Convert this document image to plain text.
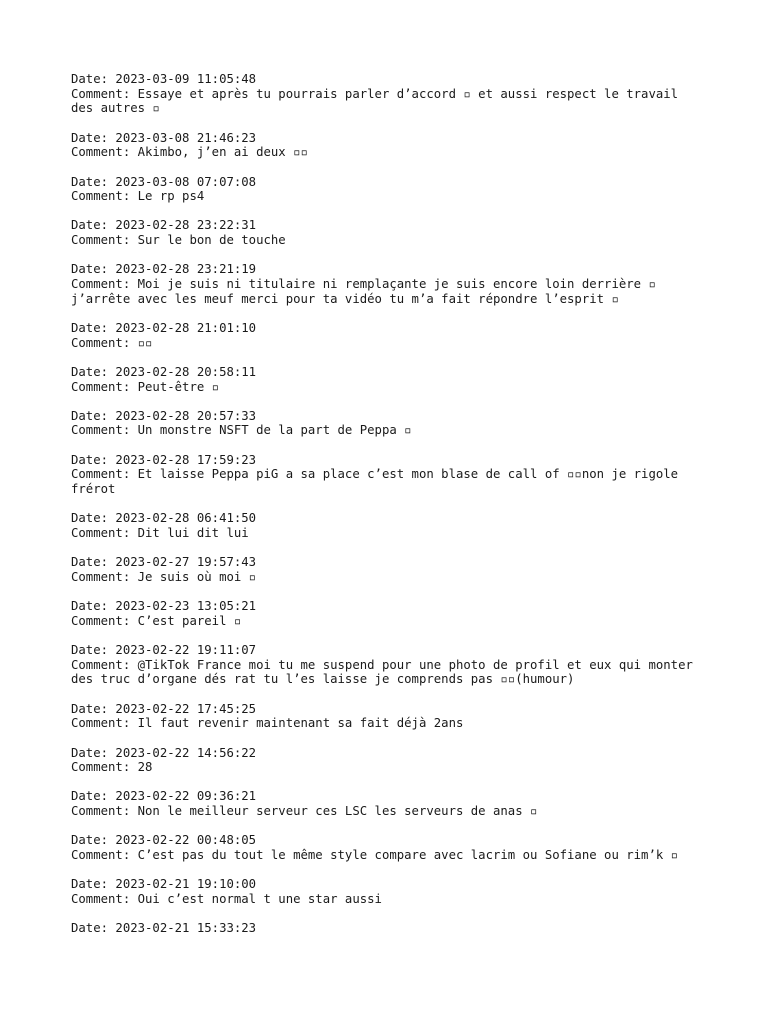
Date: 2023-03-09 11:05:48
Comment: Essaye et après tu pourrais parler d’accord ▫ et aussi respect le travail des autres ▫
Date: 2023-03-08 21:46:23
Comment: Akimbo, j’en ai deux ▫▫
Date: 2023-03-08 07:07:08
Comment: Le rp ps4
Date: 2023-02-28 23:22:31
Comment: Sur le bon de touche
Date: 2023-02-28 23:21:19
Comment: Moi je suis ni titulaire ni remplaçante je suis encore loin derrière ▫ j’arrête avec les meuf merci pour ta vidéo tu m’a fait répondre l’esprit ▫
Date: 2023-02-28 21:01:10
Comment: ▫▫
Date: 2023-02-28 20:58:11
Comment: Peut-être ▫
Date: 2023-02-28 20:57:33
Comment: Un monstre NSFT de la part de Peppa ▫
Date: 2023-02-28 17:59:23
Comment: Et laisse Peppa piG a sa place c’est mon blase de call of ▫▫non je rigole frérot
Date: 2023-02-28 06:41:50
Comment: Dit lui dit lui
Date: 2023-02-27 19:57:43
Comment: Je suis où moi ▫
Date: 2023-02-23 13:05:21
Comment: C’est pareil ▫
Date: 2023-02-22 19:11:07
Comment: @TikTok France moi tu me suspend pour une photo de profil et eux qui monter des truc d’organe dés rat tu l’es laisse je comprends pas ▫▫(humour)
Date: 2023-02-22 17:45:25
Comment: Il faut revenir maintenant sa fait déjà 2ans
Date: 2023-02-22 14:56:22
Comment: 28
Date: 2023-02-22 09:36:21
Comment: Non le meilleur serveur ces LSC les serveurs de anas ▫
Date: 2023-02-22 00:48:05
Comment: C’est pas du tout le même style compare avec lacrim ou Sofiane ou rim’k ▫
Date: 2023-02-21 19:10:00
Comment: Oui c’est normal t une star aussi
Date: 2023-02-21 15:33:23
